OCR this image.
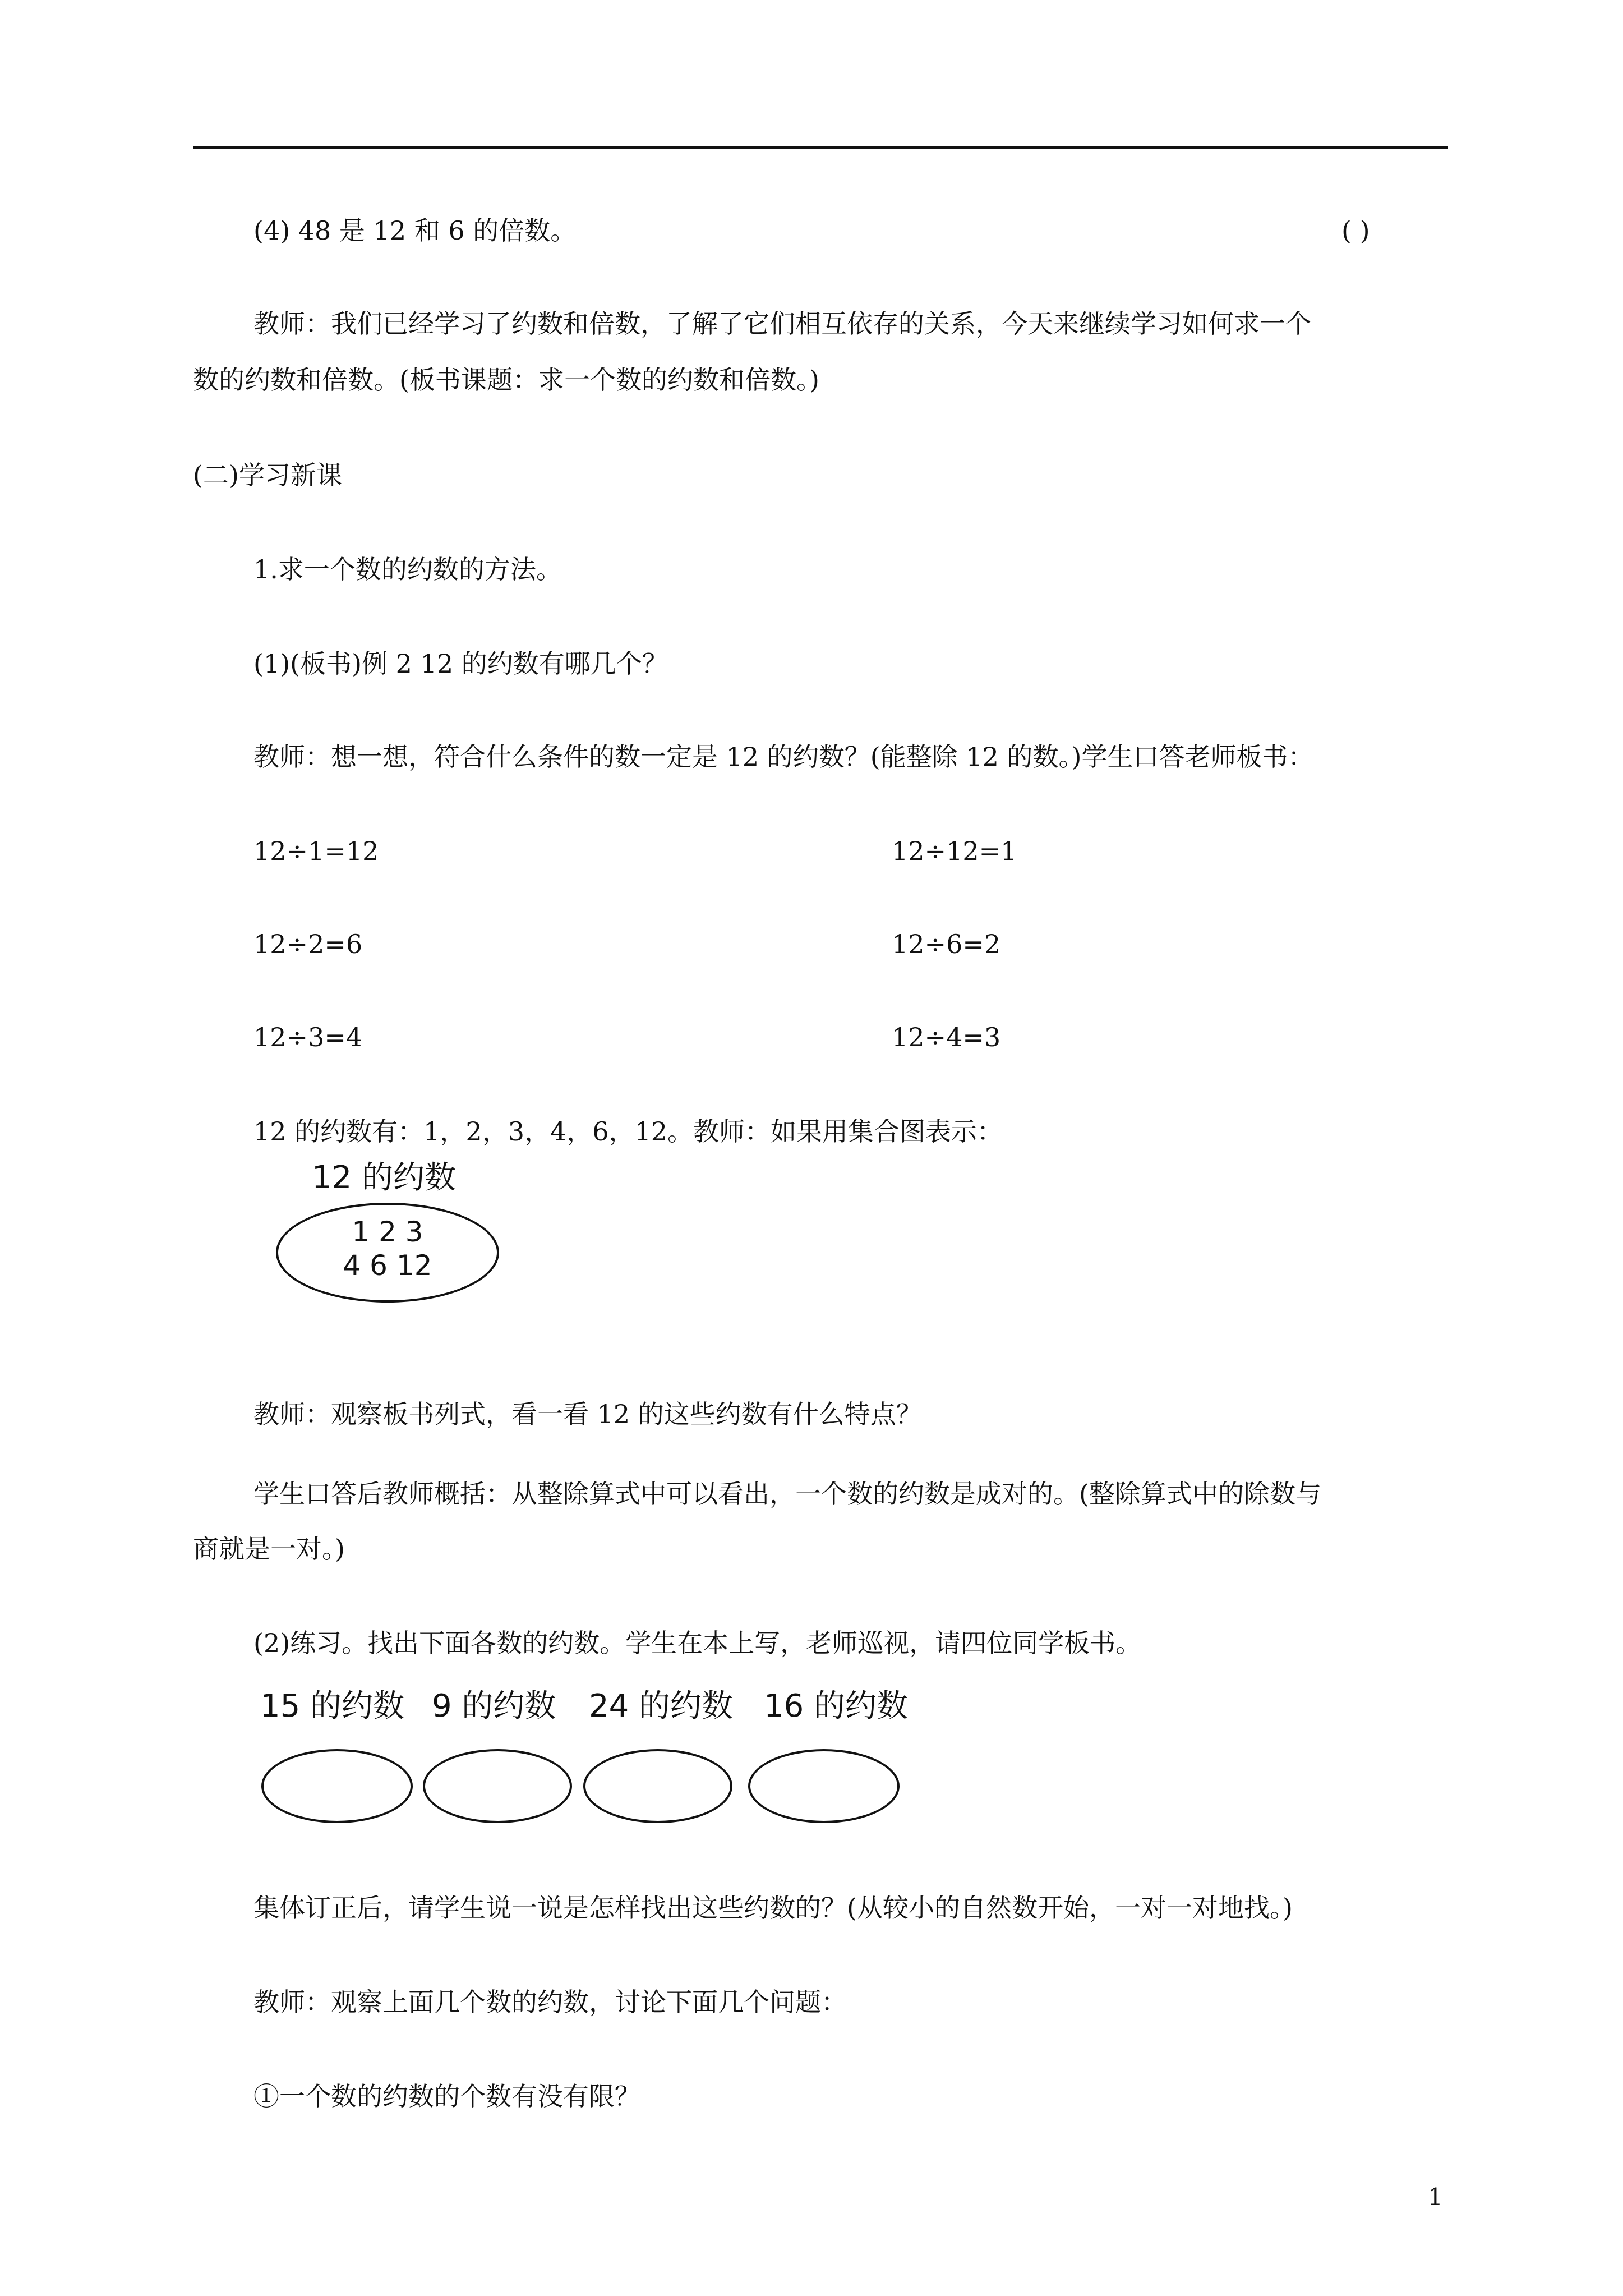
(4) 48 是 12 和 6 的倍数。	( )
教师：我们已经学习了约数和倍数，了解了它们相互依存的关系，今天来继续学习如何求一个
数的约数和倍数。(板书课题：求一个数的约数和倍数。)
(二)学习新课
1.求一个数的约数的方法。
(1)(板书)例 2 12 的约数有哪几个？
教师：想一想，符合什么条件的数一定是 12 的约数？(能整除 12 的数。)学生口答老师板书：
12÷1=12	12÷12=1
12÷2=6	12÷6=2
12÷3=4	12÷4=3
12 的约数有：1，2，3，4，6，12。教师：如果用集合图表示：
12 的约数
1 2 3
4 6 12
教师：观察板书列式，看一看 12 的这些约数有什么特点？
学生口答后教师概括：从整除算式中可以看出，一个数的约数是成对的。(整除算式中的除数与
商就是一对。)
(2)练习。找出下面各数的约数。学生在本上写，老师巡视，请四位同学板书。
15 的约数 9 的约数 24 的约数 16 的约数
集体订正后，请学生说一说是怎样找出这些约数的？(从较小的自然数开始，一对一对地找。)
教师：观察上面几个数的约数，讨论下面几个问题：
①一个数的约数的个数有没有限？
1
